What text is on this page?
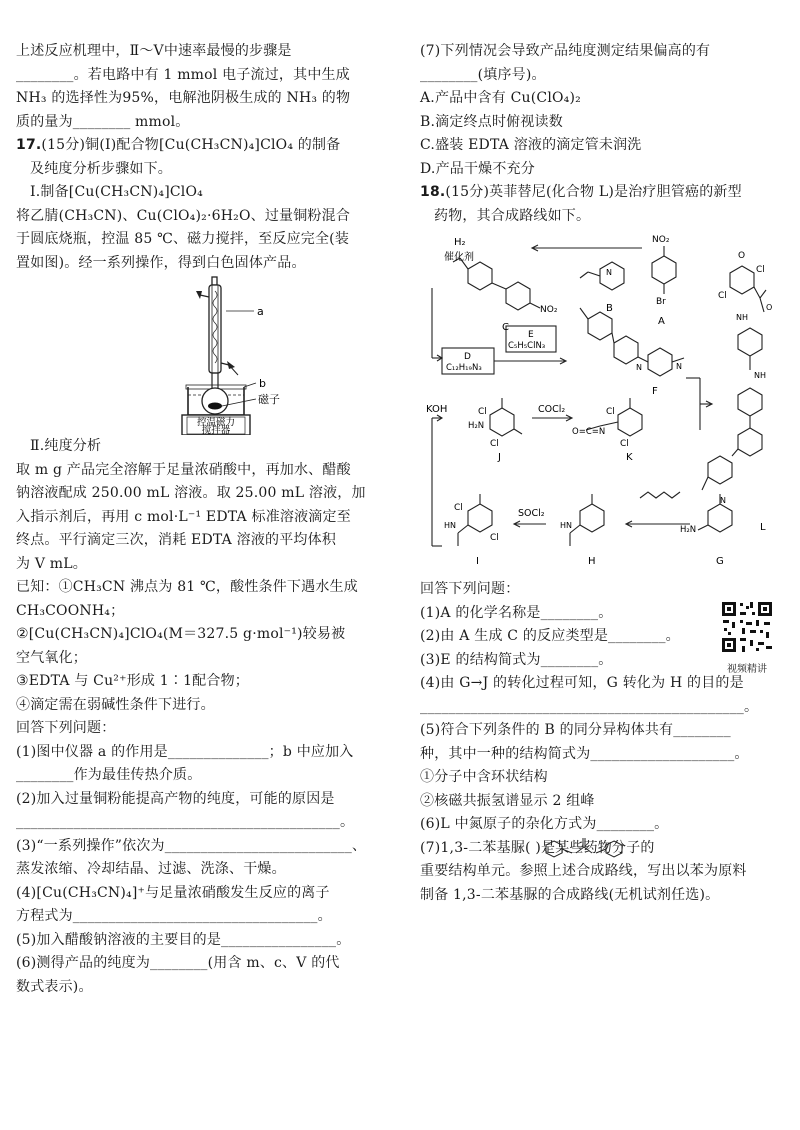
上述反应机理中，Ⅱ～Ⅴ中速率最慢的步骤是
________。若电路中有 1 mmol 电子流过，其中生成
NH₃ 的选择性为95%，电解池阴极生成的 NH₃ 的物
质的量为________ mmol。
17.(15分)铜(Ⅰ)配合物[Cu(CH₃CN)₄]ClO₄ 的制备
及纯度分析步骤如下。
Ⅰ.制备[Cu(CH₃CN)₄]ClO₄
将乙腈(CH₃CN)、Cu(ClO₄)₂·6H₂O、过量铜粉混合
于圆底烧瓶，控温 85 ℃、磁力搅拌，至反应完全(装
置如图)。经一系列操作，得到白色固体产品。
a
b
磁子
控温磁力
搅拌器
Ⅱ.纯度分析
取 m g 产品完全溶解于足量浓硝酸中，再加水、醋酸
钠溶液配成 250.00 mL 溶液。取 25.00 mL 溶液，加
入指示剂后，再用 c mol·L⁻¹ EDTA 标准溶液滴定至
终点。平行滴定三次，消耗 EDTA 溶液的平均体积
为 V mL。
已知：①CH₃CN 沸点为 81 ℃，酸性条件下遇水生成
CH₃COONH₄；
②[Cu(CH₃CN)₄]ClO₄(M＝327.5 g·mol⁻¹)较易被
空气氧化；
③EDTA 与 Cu²⁺形成 1∶1配合物；
④滴定需在弱碱性条件下进行。
回答下列问题：
(1)图中仪器 a 的作用是______________；b 中应加入
________作为最佳传热介质。
(2)加入过量铜粉能提高产物的纯度，可能的原因是
_____________________________________________。
(3)“一系列操作”依次为__________________________、
蒸发浓缩、冷却结晶、过滤、洗涤、干燥。
(4)[Cu(CH₃CN)₄]⁺与足量浓硝酸发生反应的离子
方程式为__________________________________。
(5)加入醋酸钠溶液的主要目的是________________。
(6)测得产品的纯度为________(用含 m、c、V 的代
数式表示)。
(7)下列情况会导致产品纯度测定结果偏高的有
________(填序号)。
A.产品中含有 Cu(ClO₄)₂
B.滴定终点时俯视读数
C.盛装 EDTA 溶液的滴定管未润洗
D.产品干燥不充分
18.(15分)英菲替尼(化合物 L)是治疗胆管癌的新型
药物，其合成路线如下。
NO₂
Br
A
B
N
NO₂
C
H₂
催化剂
D
C₁₂H₁₉N₃
E
C₅H₅ClN₃
F
N	N
O
Cl
Cl
NH
O
NH
N
L
KOH	Cl
H₂N
Cl
J
COCl₂	Cl
O=C=N
Cl
K
Cl
HN
Cl
I
SOCl₂
HN
H
H₂N
G
视频精讲
回答下列问题：
(1)A 的化学名称是________。
(2)由 A 生成 C 的反应类型是________。
(3)E 的结构简式为________。
(4)由 G→J 的转化过程可知，G 转化为 H 的目的是
_____________________________________________。
(5)符合下列条件的 B 的同分异构体共有________
种，其中一种的结构简式为____________________。
①分子中含环状结构
②核磁共振氢谱显示 2 组峰
(6)L 中氮原子的杂化方式为________。
(7)1,3-二苯基脲( )是某些药物分子的
重要结构单元。参照上述合成路线，写出以苯为原料
制备 1,3-二苯基脲的合成路线(无机试剂任选)。
